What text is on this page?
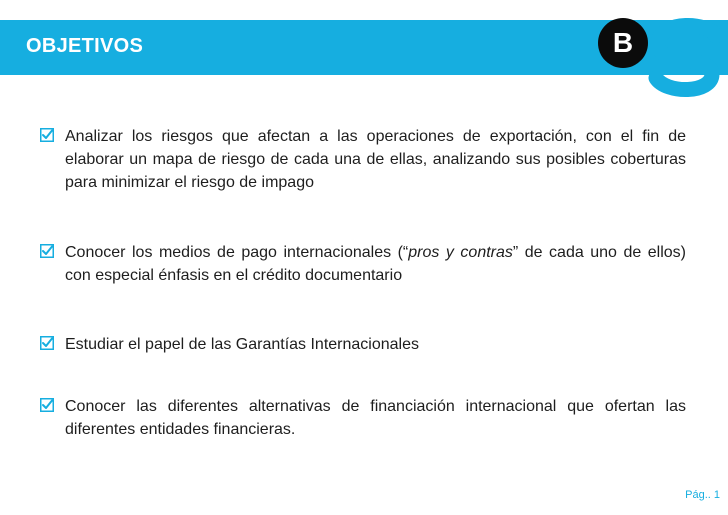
OBJETIVOS	B
Analizar los riesgos que afectan a las operaciones de exportación, con el fin de elaborar un mapa de riesgo de cada una de ellas, analizando sus posibles coberturas para minimizar el riesgo de impago
Conocer los medios de pago internacionales (“pros y contras” de cada uno de ellos) con especial énfasis en el crédito documentario
Estudiar el papel de las Garantías Internacionales
Conocer las diferentes alternativas de financiación internacional que ofertan las diferentes entidades financieras.
Pág.. 1
